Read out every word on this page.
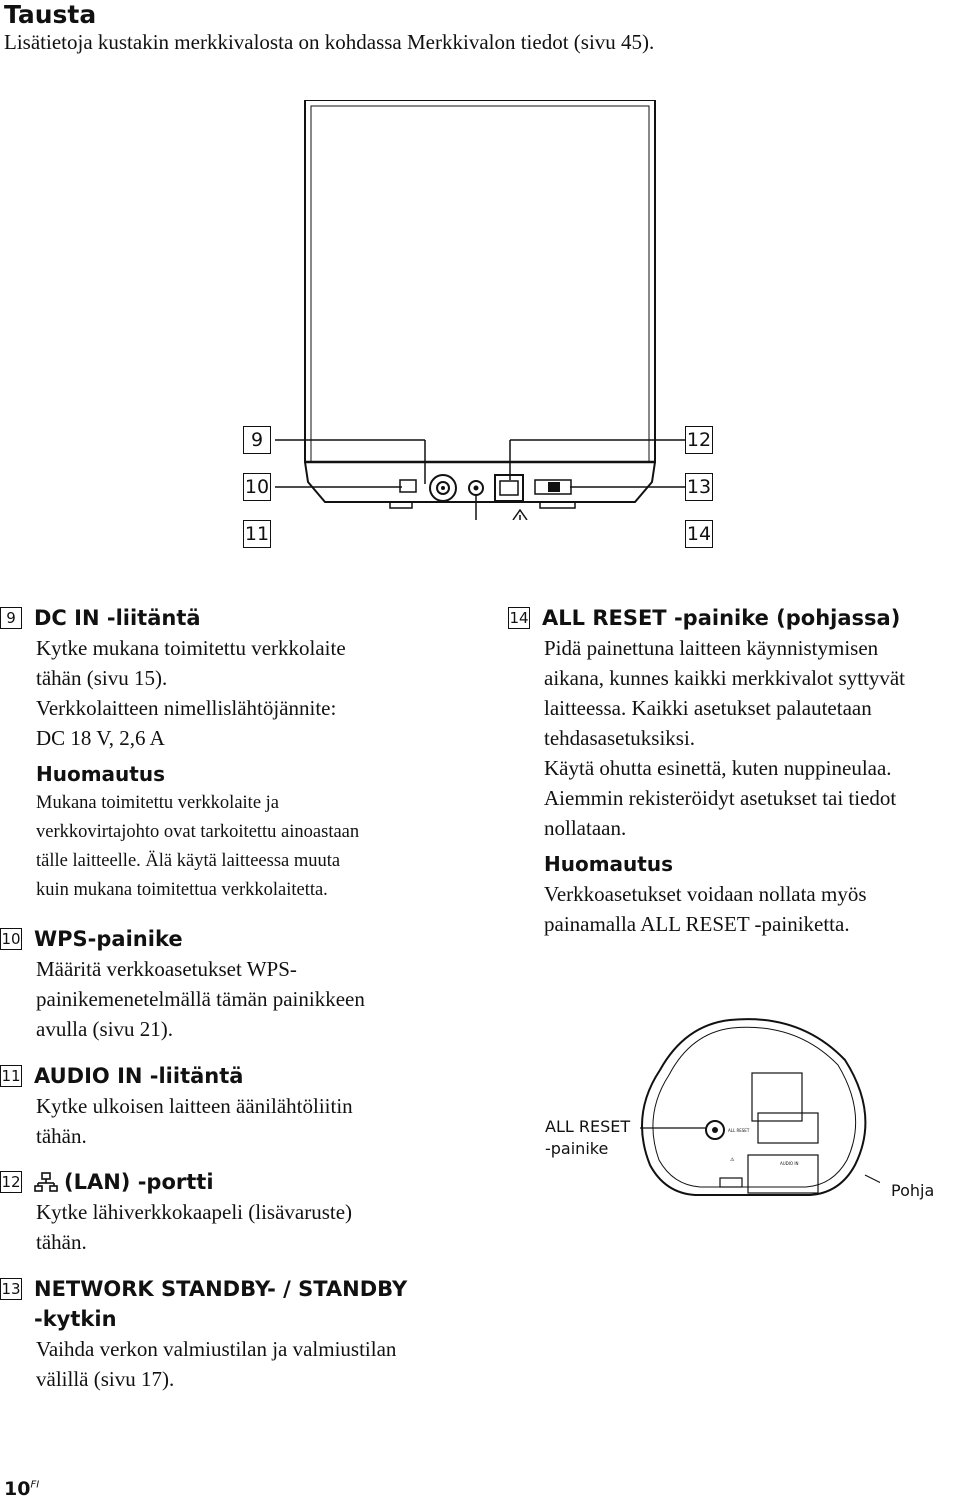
Tausta
Lisätietoja kustakin merkkivalosta on kohdassa Merkkivalon tiedot (sivu 45).
9
10
11
12
13
14
9 DC IN -liitäntä
Kytke mukana toimitettu verkkolaite
tähän (sivu 15).
Verkkolaitteen nimellislähtöjännite:
DC 18 V, 2,6 A
Huomautus
Mukana toimitettu verkkolaite ja
verkkovirtajohto ovat tarkoitettu ainoastaan
tälle laitteelle. Älä käytä laitteessa muuta
kuin mukana toimitettua verkkolaitetta.
10 WPS-painike
Määritä verkkoasetukset WPS-
painikemenetelmällä tämän painikkeen
avulla (sivu 21).
11 AUDIO IN -liitäntä
Kytke ulkoisen laitteen äänilähtöliitin
tähän.
12 (LAN) -portti
Kytke lähiverkkokaapeli (lisävaruste)
tähän.
13 NETWORK STANDBY- / STANDBY
-kytkin
Vaihda verkon valmiustilan ja valmiustilan
välillä (sivu 17).
14 ALL RESET -painike (pohjassa)
Pidä painettuna laitteen käynnistymisen
aikana, kunnes kaikki merkkivalot syttyvät
laitteessa. Kaikki asetukset palautetaan
tehdasasetuksiksi.
Käytä ohutta esinettä, kuten nuppineulaa.
Aiemmin rekisteröidyt asetukset tai tiedot
nollataan.
Huomautus
Verkkoasetukset voidaan nollata myös
painamalla ALL RESET -painiketta.
ALL RESET
⚠
AUDIO IN
ALL RESET
-painike
Pohja
$10^{FI}$
